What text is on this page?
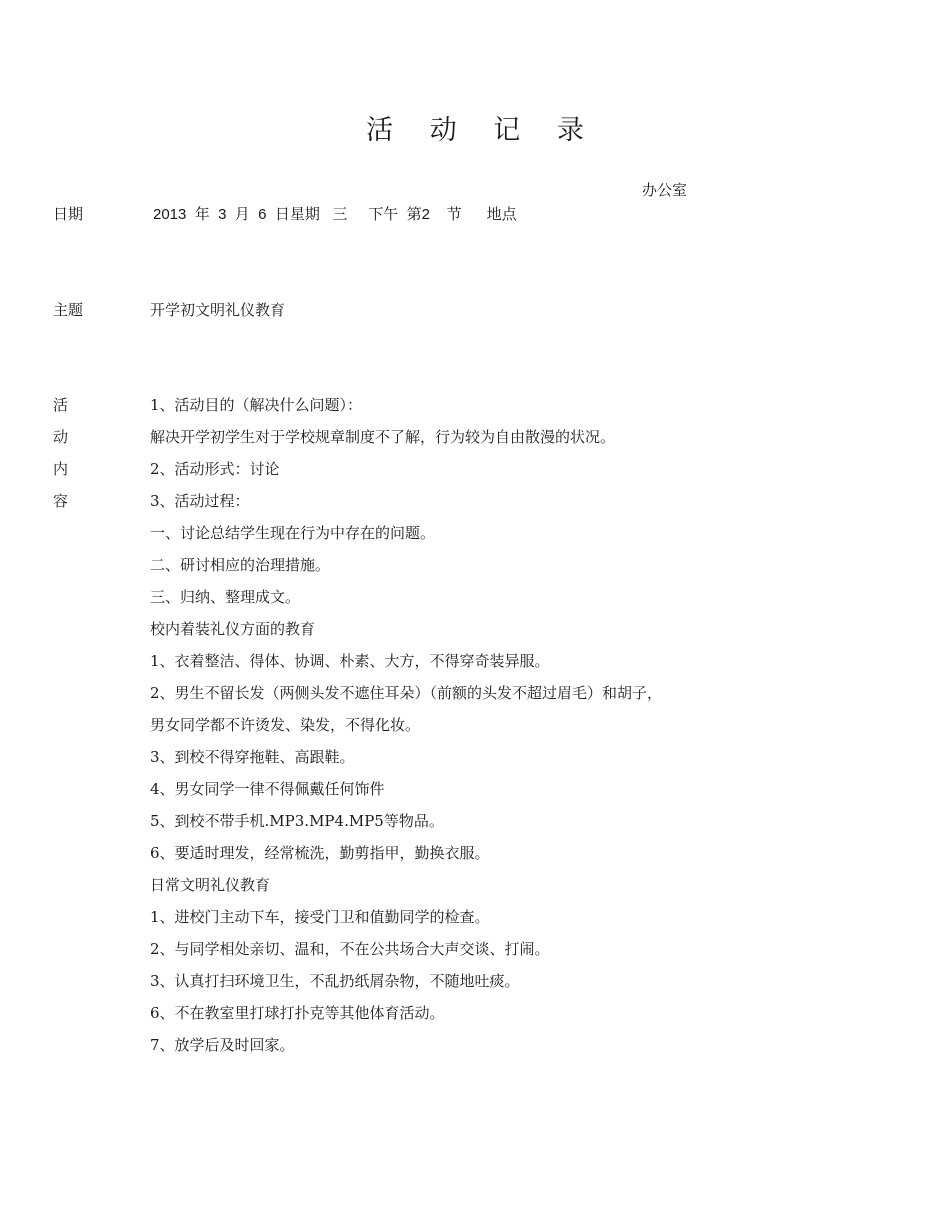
活 动 记 录
办公室
日期	2013 年 3 月 6 日星期 三 下午 第2 节 地点
主题	开学初文明礼仪教育
活
动
内
容
1、活动目的（解决什么问题）：
解决开学初学生对于学校规章制度不了解，行为较为自由散漫的状况。
2、活动形式：讨论
3、活动过程：
一、讨论总结学生现在行为中存在的问题。
二、研讨相应的治理措施。
三、归纳、整理成文。
校内着装礼仪方面的教育
1、衣着整洁、得体、协调、朴素、大方，不得穿奇装异服。
2、男生不留长发（两侧头发不遮住耳朵）（前额的头发不超过眉毛）和胡子，
男女同学都不许烫发、染发，不得化妆。
3、到校不得穿拖鞋、高跟鞋。
4、男女同学一律不得佩戴任何饰件
5、到校不带手机.MP3.MP4.MP5等物品。
6、要适时理发，经常梳洗，勤剪指甲，勤换衣服。
日常文明礼仪教育
1、进校门主动下车，接受门卫和值勤同学的检查。
2、与同学相处亲切、温和，不在公共场合大声交谈、打闹。
3、认真打扫环境卫生，不乱扔纸屑杂物，不随地吐痰。
6、不在教室里打球打扑克等其他体育活动。
7、放学后及时回家。
